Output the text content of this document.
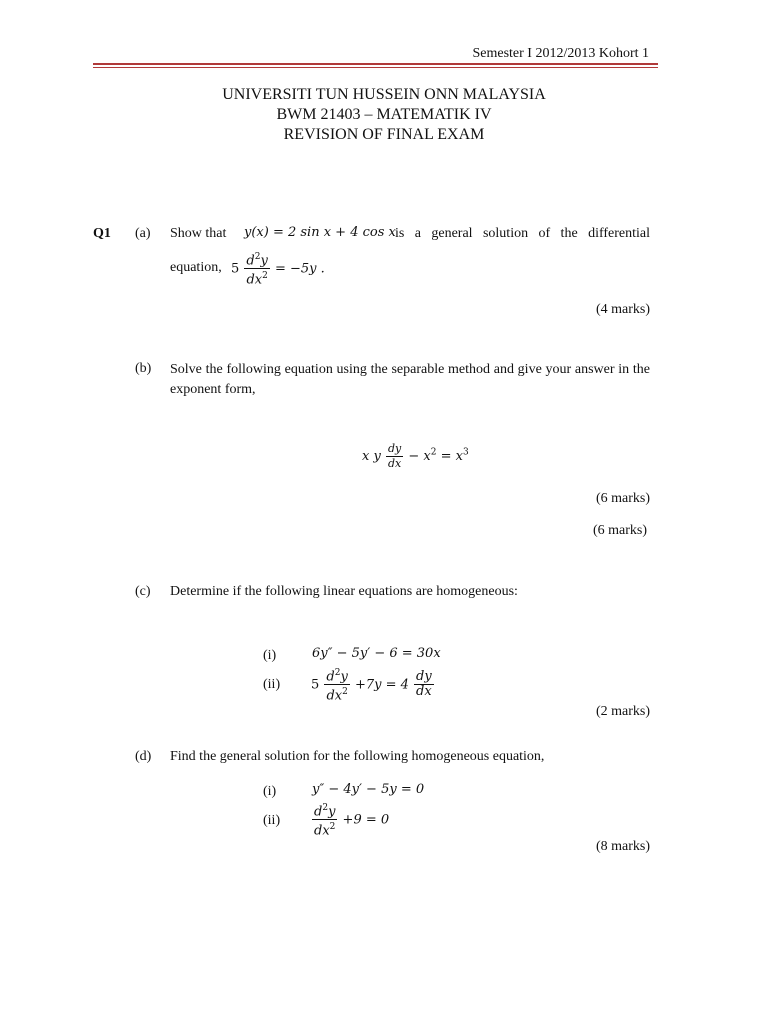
Semester I 2012/2013 Kohort 1
UNIVERSITI TUN HUSSEIN ONN MALAYSIA
BWM 21403 – MATEMATIK IV
REVISION OF FINAL EXAM
Q1 (a) Show that y(x) = 2 sin x + 4 cos x is a general solution of the differential
equation, $5 \frac{d^2y}{dx^2} = -5y$ .
(4 marks)
(b) Solve the following equation using the separable method and give your answer in the exponent form,
x y $\frac{dy}{dx} - x^2 = x^3$
(6 marks)
(6 marks)
(c) Determine if the following linear equations are homogeneous:
(i)	6y″ − 5y′ − 6 = 30x
(ii) $5 \frac{d^2y}{dx^2} +7y = 4 \frac{dy}{dx}$
(2 marks)
(d) Find the general solution for the following homogeneous equation,
(i)	y″ − 4y′ − 5y = 0
$(ii) \frac{d^2y}{dx^2} +9 = 0$
(8 marks)
